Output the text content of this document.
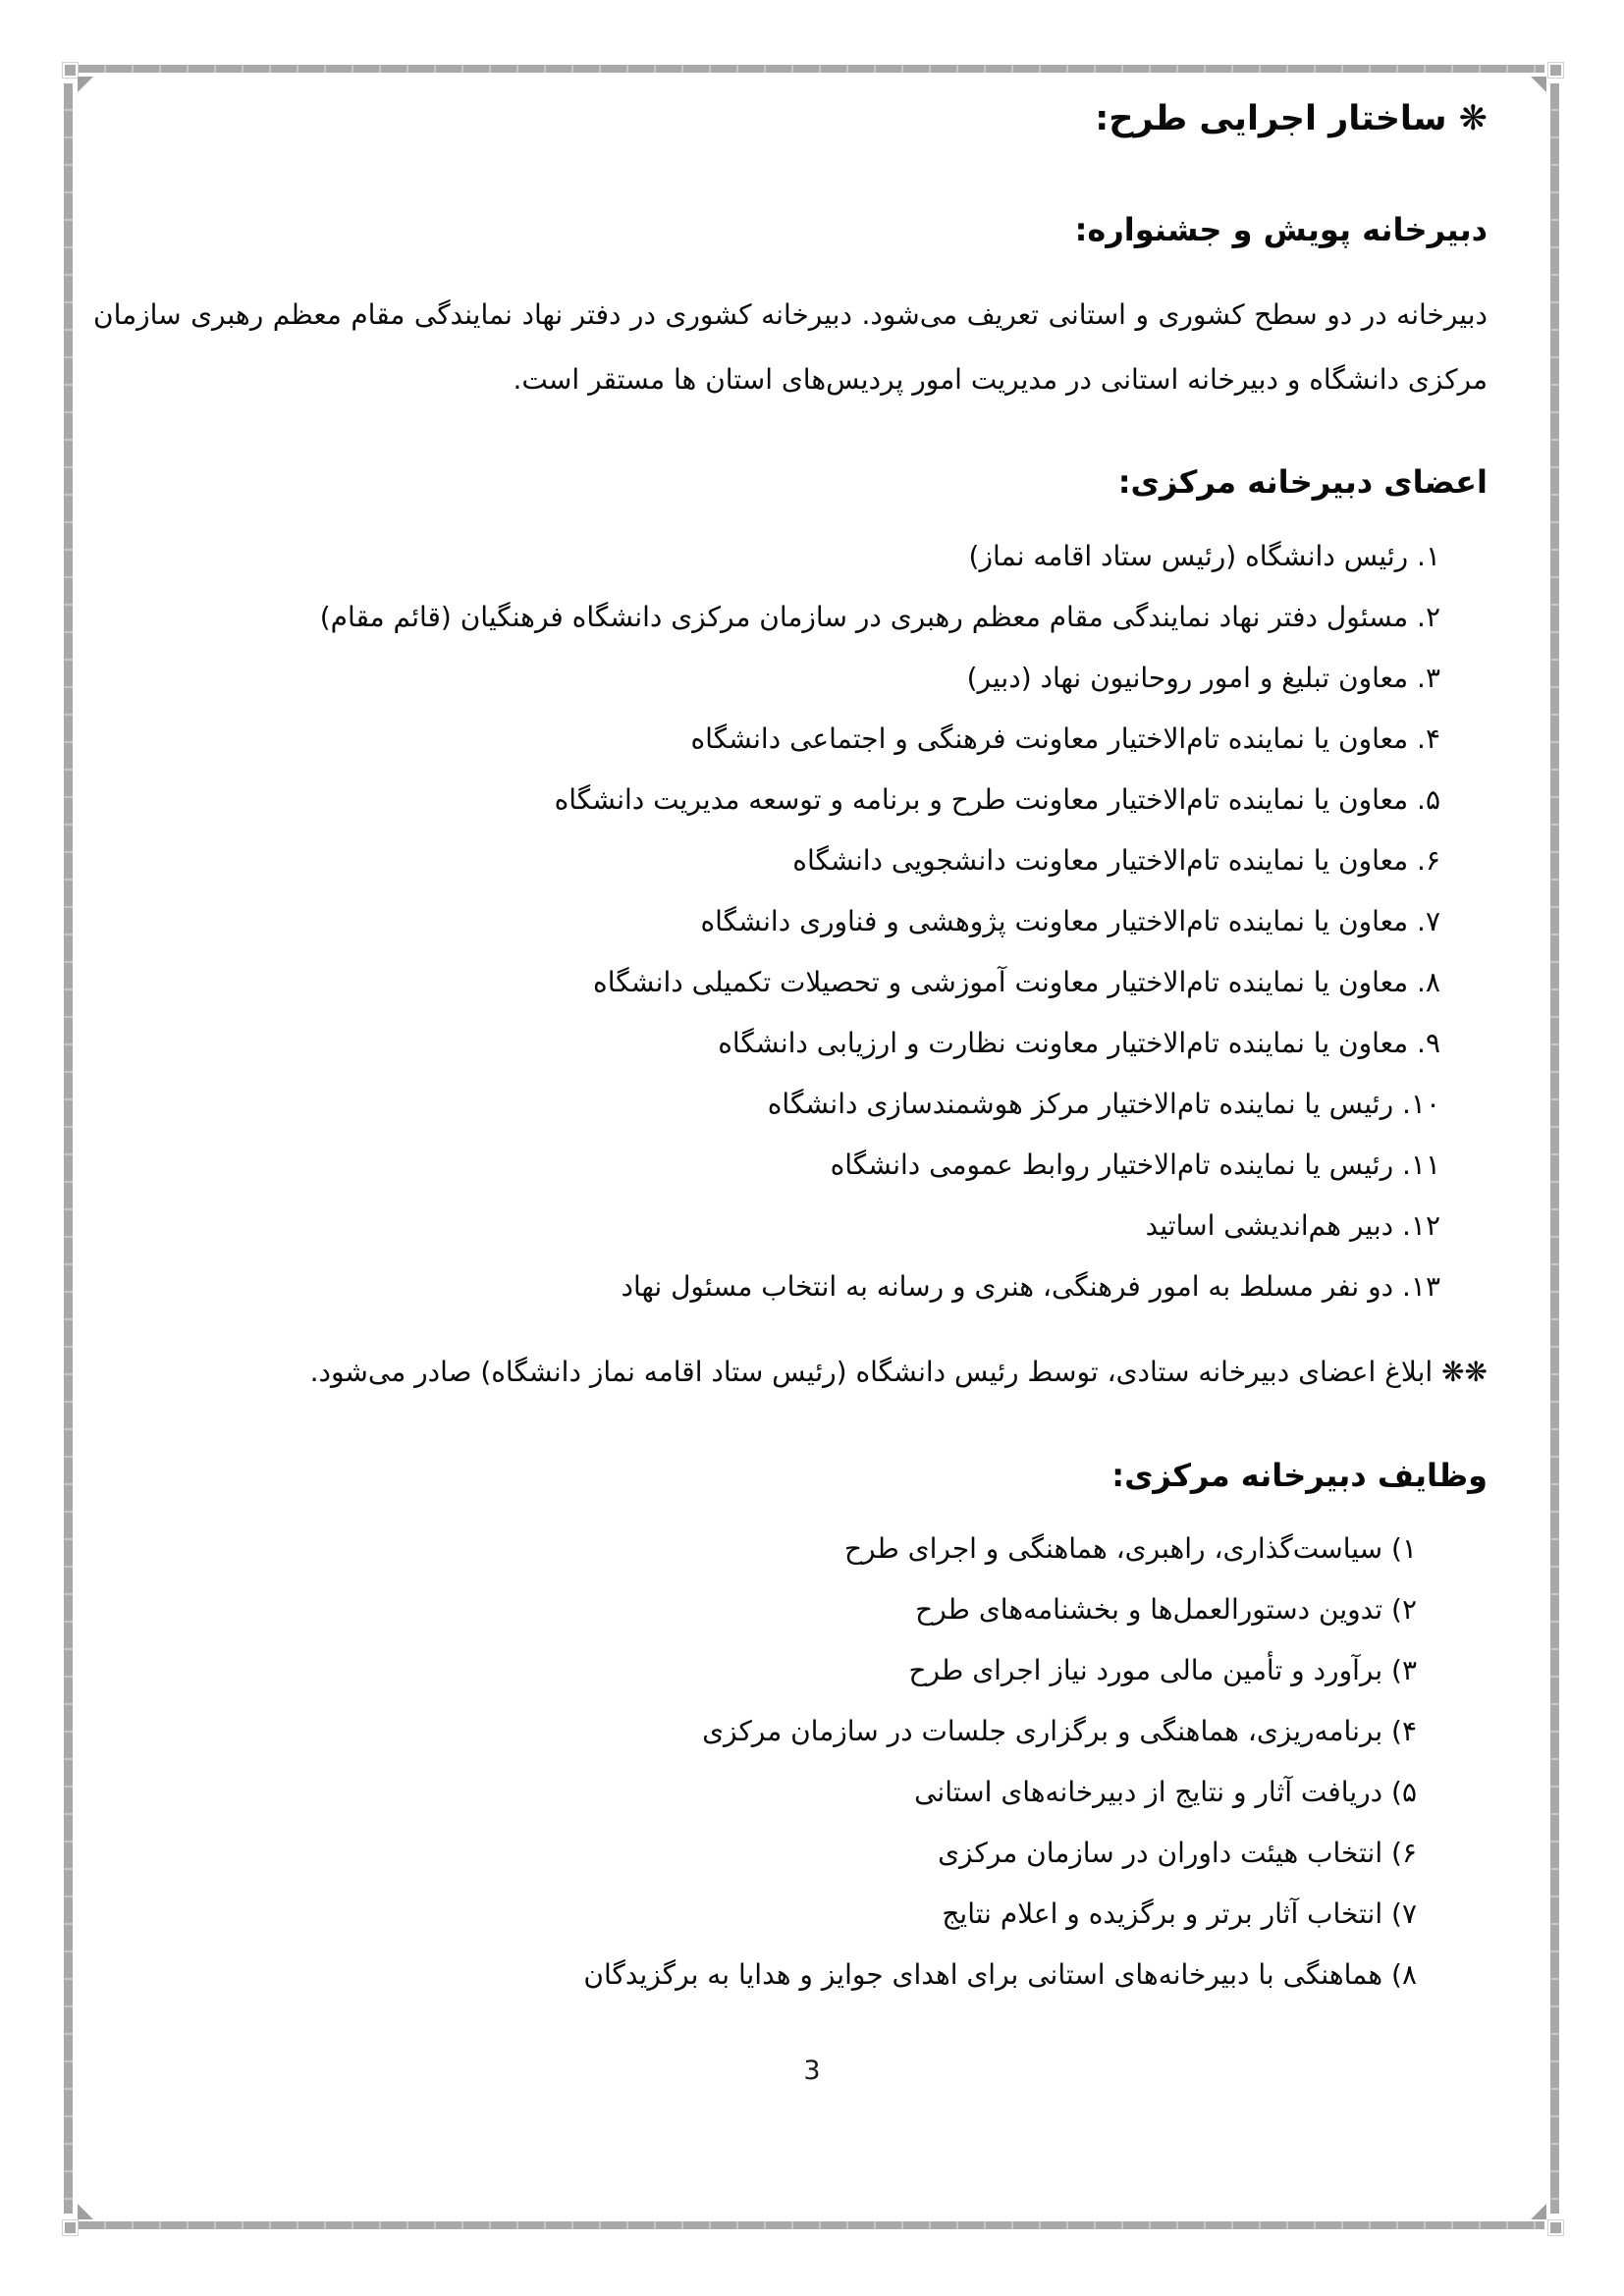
❋ ساختار اجرایی طرح:
دبیرخانه پویش و جشنواره:

دبیرخانه در دو سطح کشوری و استانی تعریف می‌شود. دبیرخانه کشوری در دفتر نهاد نمایندگی مقام معظم رهبری سازمان مرکزی دانشگاه و دبیرخانه استانی در مدیریت امور پردیس‌های استان ها مستقر است.

اعضای دبیرخانه مرکزی:
۱. رئیس دانشگاه (رئیس ستاد اقامه نماز)
۲. مسئول دفتر نهاد نمایندگی مقام معظم رهبری در سازمان مرکزی دانشگاه فرهنگیان (قائم مقام)
۳. معاون تبلیغ و امور روحانیون نهاد (دبیر)
۴. معاون یا نماینده تام‌الاختیار معاونت فرهنگی و اجتماعی دانشگاه
۵. معاون یا نماینده تام‌الاختیار معاونت طرح و برنامه و توسعه مدیریت دانشگاه
۶. معاون یا نماینده تام‌الاختیار معاونت دانشجویی دانشگاه
۷. معاون یا نماینده تام‌الاختیار معاونت پژوهشی و فناوری دانشگاه
۸. معاون یا نماینده تام‌الاختیار معاونت آموزشی و تحصیلات تکمیلی دانشگاه
۹. معاون یا نماینده تام‌الاختیار معاونت نظارت و ارزیابی دانشگاه
۱۰. رئیس یا نماینده تام‌الاختیار مرکز هوشمندسازی دانشگاه
۱۱. رئیس یا نماینده تام‌الاختیار روابط عمومی دانشگاه
۱۲. دبیر هم‌اندیشی اساتید
۱۳. دو نفر مسلط به امور فرهنگی، هنری و رسانه به انتخاب مسئول نهاد

❋❋ ابلاغ اعضای دبیرخانه ستادی، توسط رئیس دانشگاه (رئیس ستاد اقامه نماز دانشگاه) صادر می‌شود.

وظایف دبیرخانه مرکزی:
۱) سیاست‌گذاری، راهبری، هماهنگی و اجرای طرح
۲) تدوین دستورالعمل‌ها و بخشنامه‌های طرح
۳) برآورد و تأمین مالی مورد نیاز اجرای طرح
۴) برنامه‌ریزی، هماهنگی و برگزاری جلسات در سازمان مرکزی
۵) دریافت آثار و نتایج از دبیرخانه‌های استانی
۶) انتخاب هیئت داوران در سازمان مرکزی
۷) انتخاب آثار برتر و برگزیده و اعلام نتایج
۸) هماهنگی با دبیرخانه‌های استانی برای اهدای جوایز و هدایا به برگزیدگان
3
